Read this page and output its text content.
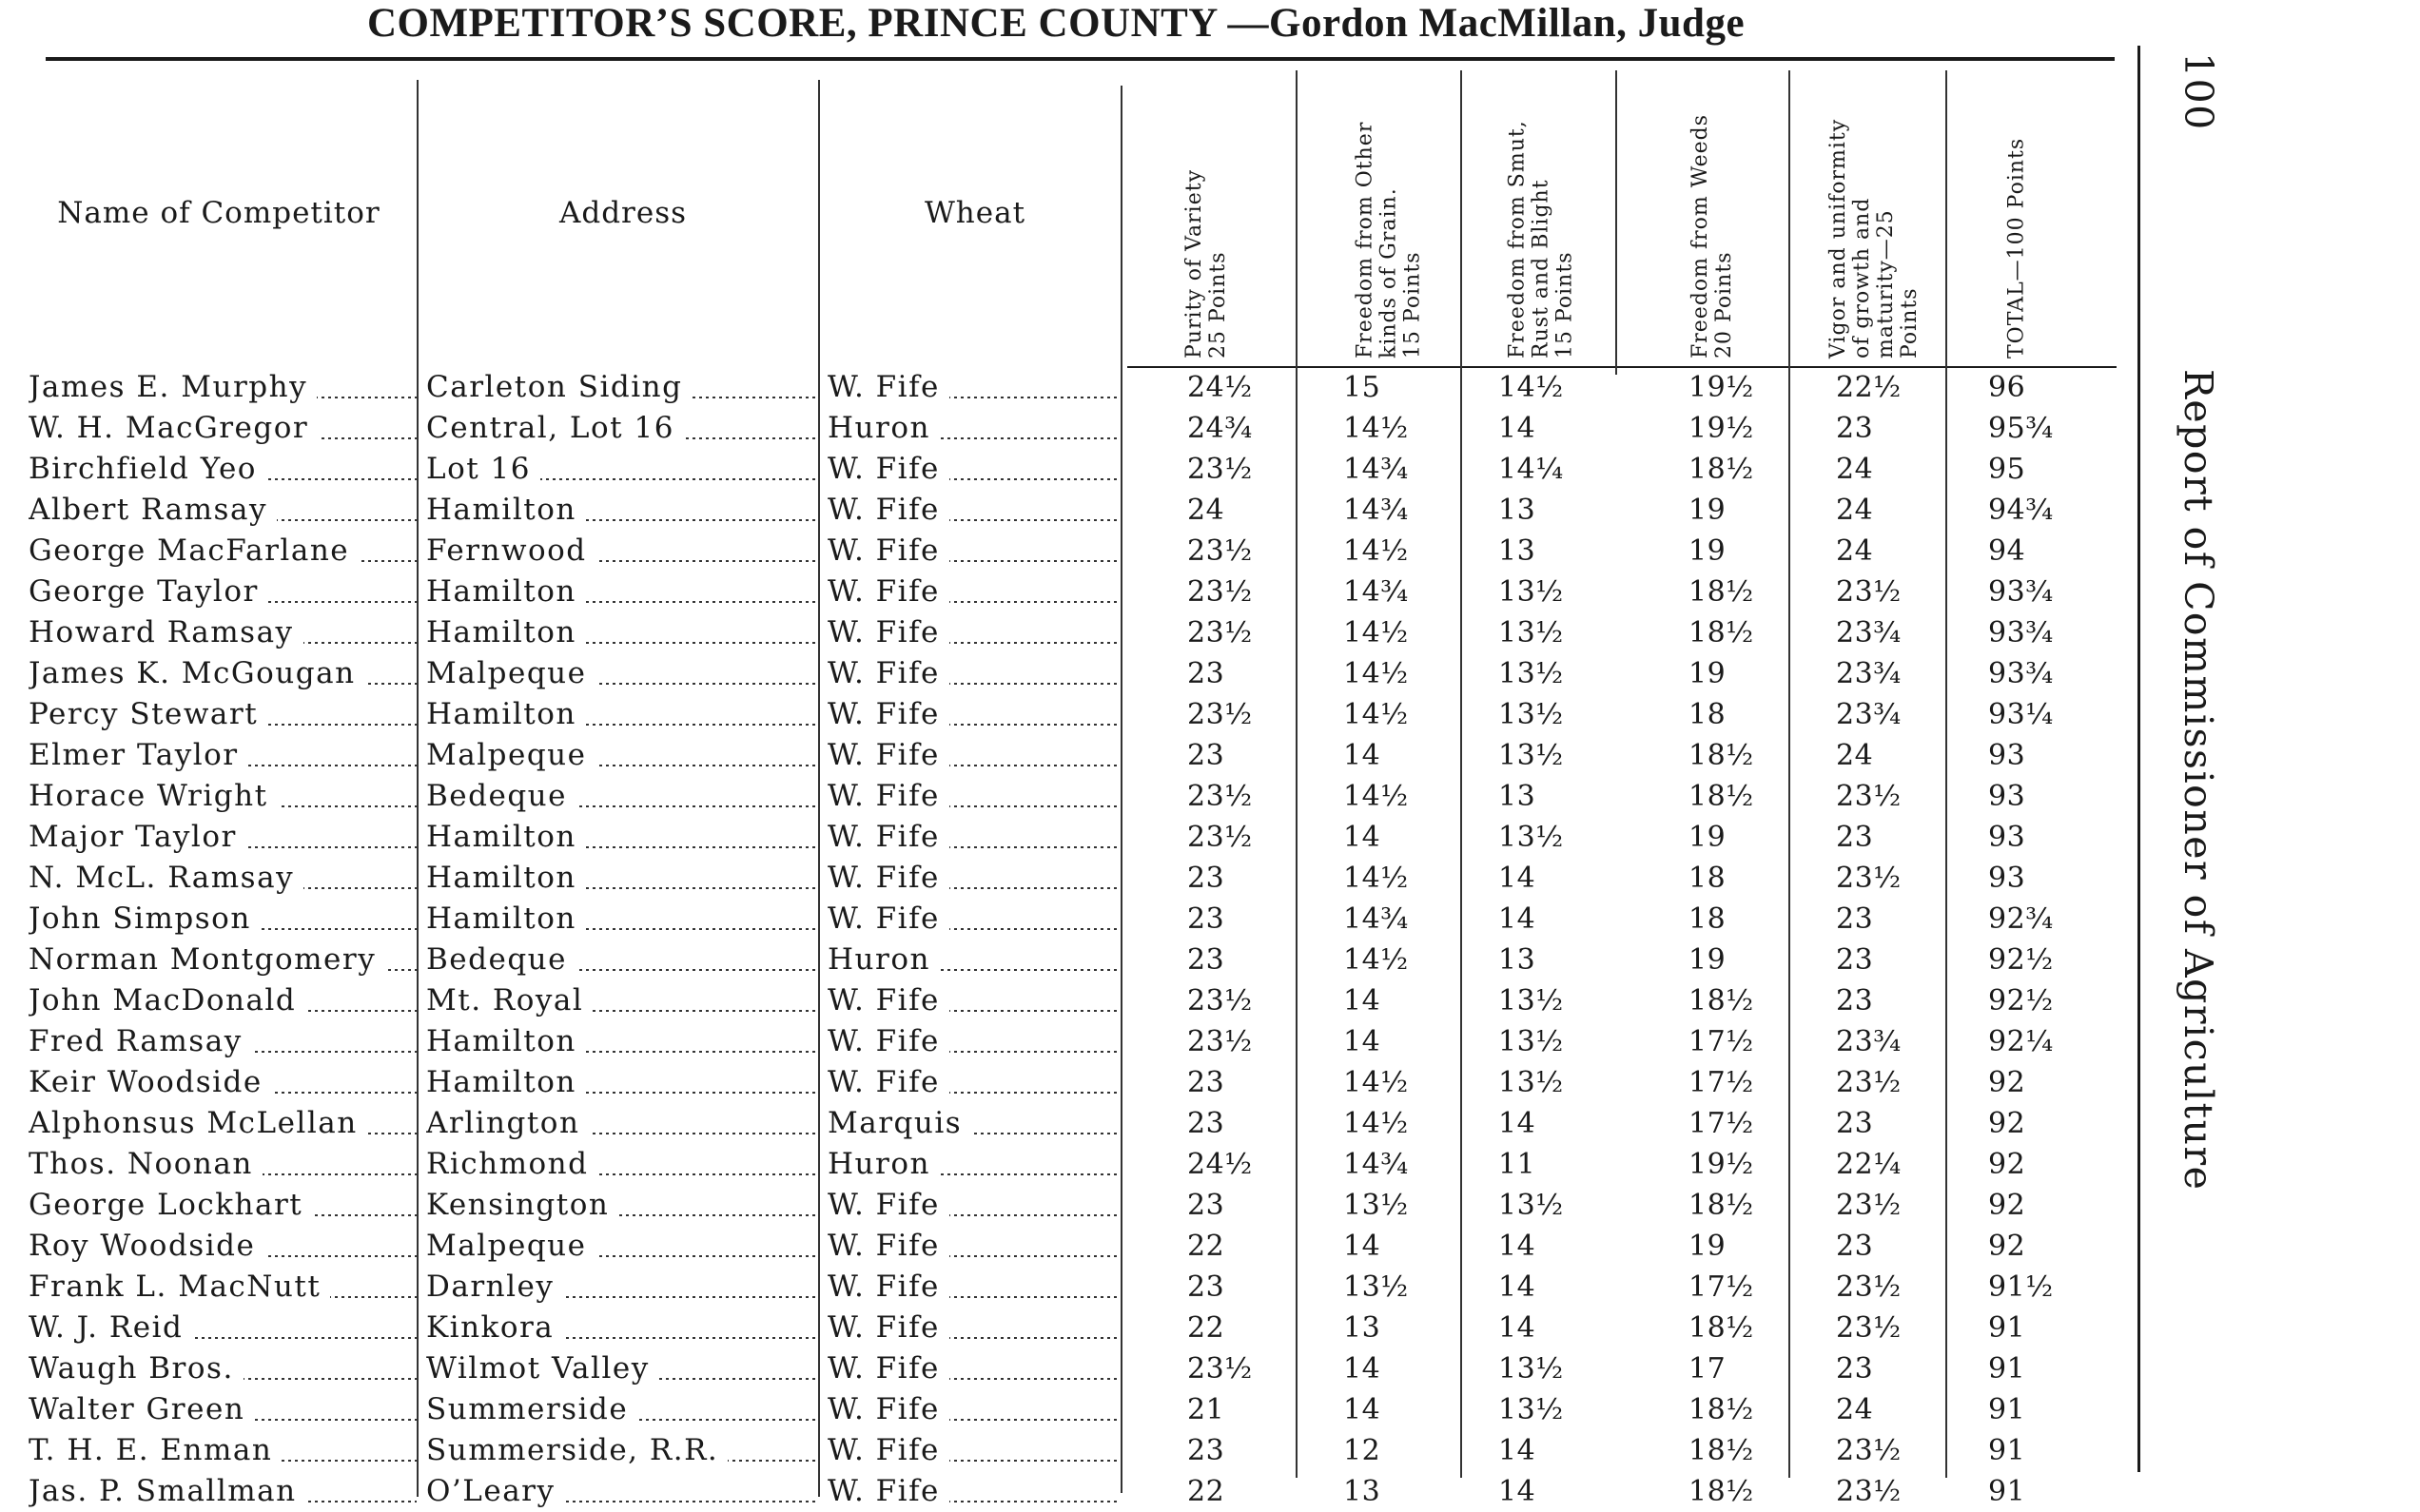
COMPETITOR’S SCORE, PRINCE COUNTY —Gordon MacMillan, Judge
Name of Competitor	Address	Wheat	Purity of Variety 25 Points	Freedom from Other kinds of Grain. 15 Points	Freedom from Smut, Rust and Blight 15 Points	Freedom from Weeds 20 Points	Vigor and uniformity of growth and maturity—25 Points	TOTAL—100 Points
James E. Murphy	Carleton Siding	W. Fife	24½	15	14½	19½	22½	96
W. H. MacGregor	Central, Lot 16	Huron	24¾	14½	14	19½	23	95¾
Birchfield Yeo	Lot 16	W. Fife	23½	14¾	14¼	18½	24	95
Albert Ramsay	Hamilton	W. Fife	24	14¾	13	19	24	94¾
George MacFarlane	Fernwood	W. Fife	23½	14½	13	19	24	94
George Taylor	Hamilton	W. Fife	23½	14¾	13½	18½	23½	93¾
Howard Ramsay	Hamilton	W. Fife	23½	14½	13½	18½	23¾	93¾
James K. McGougan	Malpeque	W. Fife	23	14½	13½	19	23¾	93¾
Percy Stewart	Hamilton	W. Fife	23½	14½	13½	18	23¾	93¼
Elmer Taylor	Malpeque	W. Fife	23	14	13½	18½	24	93
Horace Wright	Bedeque	W. Fife	23½	14½	13	18½	23½	93
Major Taylor	Hamilton	W. Fife	23½	14	13½	19	23	93
N. McL. Ramsay	Hamilton	W. Fife	23	14½	14	18	23½	93
John Simpson	Hamilton	W. Fife	23	14¾	14	18	23	92¾
Norman Montgomery	Bedeque	Huron	23	14½	13	19	23	92½
John MacDonald	Mt. Royal	W. Fife	23½	14	13½	18½	23	92½
Fred Ramsay	Hamilton	W. Fife	23½	14	13½	17½	23¾	92¼
Keir Woodside	Hamilton	W. Fife	23	14½	13½	17½	23½	92
Alphonsus McLellan	Arlington	Marquis	23	14½	14	17½	23	92
Thos. Noonan	Richmond	Huron	24½	14¾	11	19½	22¼	92
George Lockhart	Kensington	W. Fife	23	13½	13½	18½	23½	92
Roy Woodside	Malpeque	W. Fife	22	14	14	19	23	92
Frank L. MacNutt	Darnley	W. Fife	23	13½	14	17½	23½	91½
W. J. Reid	Kinkora	W. Fife	22	13	14	18½	23½	91
Waugh Bros.	Wilmot Valley	W. Fife	23½	14	13½	17	23	91
Walter Green	Summerside	W. Fife	21	14	13½	18½	24	91
T. H. E. Enman	Summerside, R.R.	W. Fife	23	12	14	18½	23½	91
Jas. P. Smallman	O’Leary	W. Fife	22	13	14	18½	23½	91
100
Report of Commissioner of Agriculture
